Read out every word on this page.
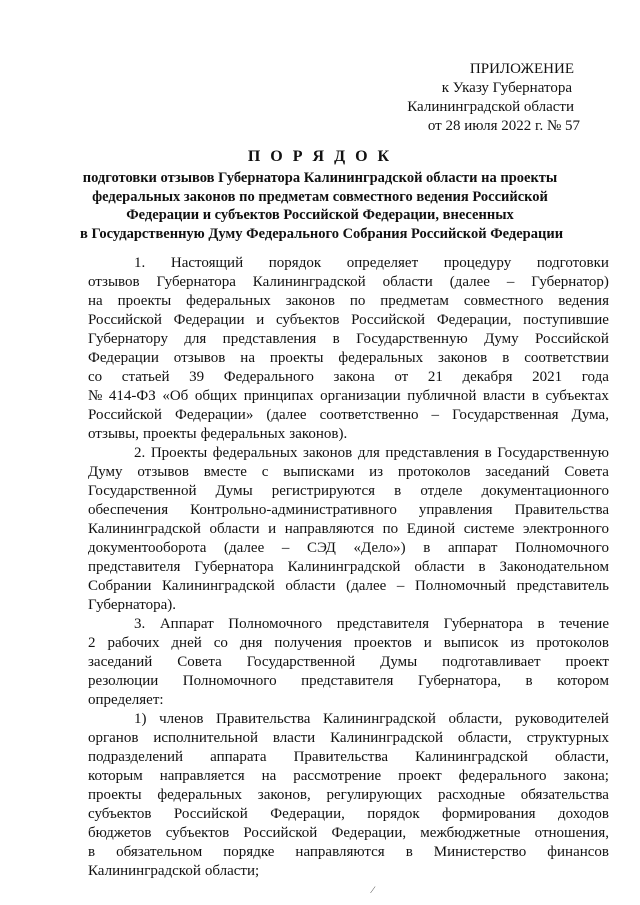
ПРИЛОЖЕНИЕ
к Указу Губернатора
Калининградской области
от 28 июля 2022 г. № 57
П О Р Я Д О К
подготовки отзывов Губернатора Калининградской области на проекты
федеральных законов по предметам совместного ведения Российской
Федерации и субъектов Российской Федерации, внесенных
в Государственную Думу Федерального Собрания Российской Федерации
1. Настоящий порядок определяет процедуру подготовки
отзывов Губернатора Калининградской области (далее – Губернатор)
на проекты федеральных законов по предметам совместного ведения
Российской Федерации и субъектов Российской Федерации, поступившие
Губернатору для представления в Государственную Думу Российской
Федерации отзывов на проекты федеральных законов в соответствии
со статьей 39 Федерального закона от 21 декабря 2021 года
№ 414-ФЗ «Об общих принципах организации публичной власти в субъектах
Российской Федерации» (далее соответственно – Государственная Дума,
отзывы, проекты федеральных законов).
2. Проекты федеральных законов для представления в Государственную
Думу отзывов вместе с выписками из протоколов заседаний Совета
Государственной Думы регистрируются в отделе документационного
обеспечения Контрольно-административного управления Правительства
Калининградской области и направляются по Единой системе электронного
документооборота (далее – СЭД «Дело») в аппарат Полномочного
представителя Губернатора Калининградской области в Законодательном
Собрании Калининградской области (далее – Полномочный представитель
Губернатора).
3. Аппарат Полномочного представителя Губернатора в течение
2 рабочих дней со дня получения проектов и выписок из протоколов
заседаний Совета Государственной Думы подготавливает проект
резолюции Полномочного представителя Губернатора, в котором
определяет:
1) членов Правительства Калининградской области, руководителей
органов исполнительной власти Калининградской области, структурных
подразделений аппарата Правительства Калининградской области,
которым направляется на рассмотрение проект федерального закона;
проекты федеральных законов, регулирующих расходные обязательства
субъектов Российской Федерации, порядок формирования доходов
бюджетов субъектов Российской Федерации, межбюджетные отношения,
в обязательном порядке направляются в Министерство финансов
Калининградской области;
∕
